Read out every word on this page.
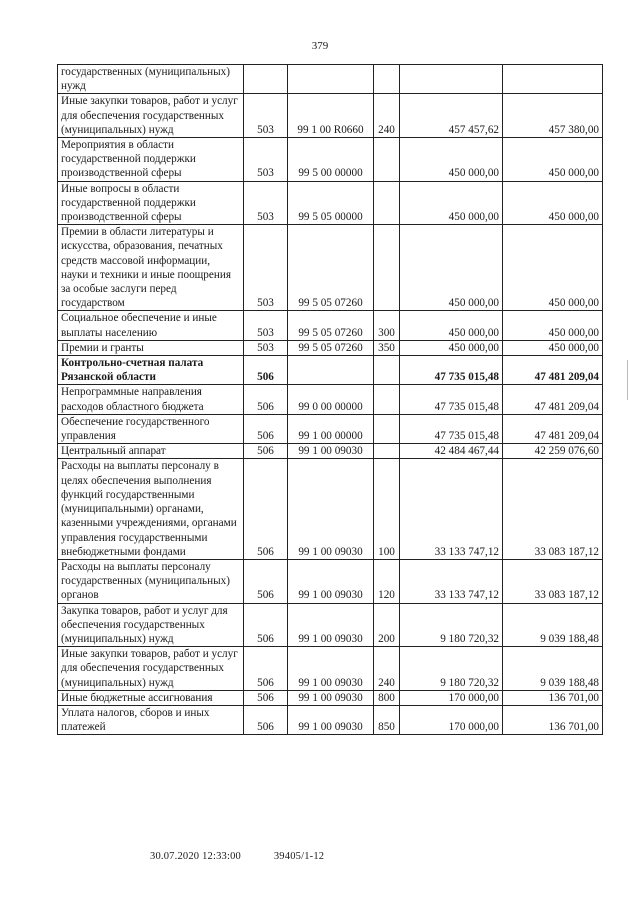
379
государственных (муниципальных) нужд					
Иные закупки товаров, работ и услуг для обеспечения государственных (муниципальных) нужд	503	99 1 00 R0660	240	457 457,62	457 380,00
Мероприятия в области государственной поддержки производственной сферы	503	99 5 00 00000		450 000,00	450 000,00
Иные вопросы в области государственной поддержки производственной сферы	503	99 5 05 00000		450 000,00	450 000,00
Премии в области литературы и искусства, образования, печатных средств массовой информации, науки и техники и иные поощрения за особые заслуги перед государством	503	99 5 05 07260		450 000,00	450 000,00
Социальное обеспечение и иные выплаты населению	503	99 5 05 07260	300	450 000,00	450 000,00
Премии и гранты	503	99 5 05 07260	350	450 000,00	450 000,00
Контрольно-счетная палата Рязанской области	506			47 735 015,48	47 481 209,04
Непрограммные направления расходов областного бюджета	506	99 0 00 00000		47 735 015,48	47 481 209,04
Обеспечение государственного управления	506	99 1 00 00000		47 735 015,48	47 481 209,04
Центральный аппарат	506	99 1 00 09030		42 484 467,44	42 259 076,60
Расходы на выплаты персоналу в целях обеспечения выполнения функций государственными (муниципальными) органами, казенными учреждениями, органами управления государственными внебюджетными фондами	506	99 1 00 09030	100	33 133 747,12	33 083 187,12
Расходы на выплаты персоналу государственных (муниципальных) органов	506	99 1 00 09030	120	33 133 747,12	33 083 187,12
Закупка товаров, работ и услуг для обеспечения государственных (муниципальных) нужд	506	99 1 00 09030	200	9 180 720,32	9 039 188,48
Иные закупки товаров, работ и услуг для обеспечения государственных (муниципальных) нужд	506	99 1 00 09030	240	9 180 720,32	9 039 188,48
Иные бюджетные ассигнования	506	99 1 00 09030	800	170 000,00	136 701,00
Уплата налогов, сборов и иных платежей	506	99 1 00 09030	850	170 000,00	136 701,00
30.07.2020 12:33:00	39405/1-12
